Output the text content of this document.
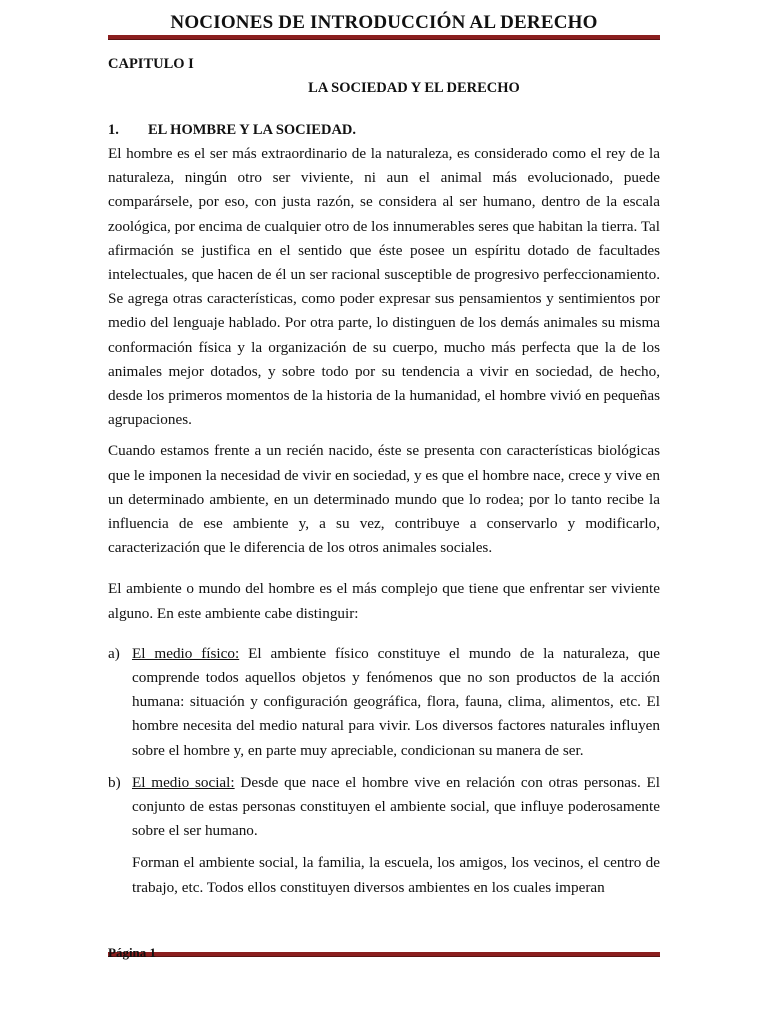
NOCIONES DE INTRODUCCIÓN AL DERECHO

CAPITULO I

LA SOCIEDAD Y EL DERECHO

1.	EL HOMBRE Y LA SOCIEDAD.

El hombre es el ser más extraordinario de la naturaleza, es considerado como el rey de la naturaleza, ningún otro ser viviente, ni aun el animal más evolucionado, puede comparársele, por eso, con justa razón, se considera al ser humano, dentro de la escala zoológica, por encima de cualquier otro de los innumerables seres que habitan la tierra. Tal afirmación se justifica en el sentido que éste posee un espíritu dotado de facultades intelectuales, que hacen de él un ser racional susceptible de progresivo perfeccionamiento. Se agrega otras características, como poder expresar sus pensamientos y sentimientos por medio del lenguaje hablado. Por otra parte, lo distinguen de los demás animales su misma conformación física y la organización de su cuerpo, mucho más perfecta que la de los animales mejor dotados, y sobre todo por su tendencia a vivir en sociedad, de hecho, desde los primeros momentos de la historia de la humanidad, el hombre vivió en pequeñas agrupaciones.

Cuando estamos frente a un recién nacido, éste se presenta con características biológicas que le imponen la necesidad de vivir en sociedad, y es que el hombre nace, crece y vive en un determinado ambiente, en un determinado mundo que lo rodea; por lo tanto recibe la influencia de ese ambiente y, a su vez, contribuye a conservarlo y modificarlo, caracterización que le diferencia de los otros animales sociales.

El ambiente o mundo del hombre es el más complejo que tiene que enfrentar ser viviente alguno. En este ambiente cabe distinguir:

a) El medio físico: El ambiente físico constituye el mundo de la naturaleza, que comprende todos aquellos objetos y fenómenos que no son productos de la acción humana: situación y configuración geográfica, flora, fauna, clima, alimentos, etc. El hombre necesita del medio natural para vivir. Los diversos factores naturales influyen sobre el hombre y, en parte muy apreciable, condicionan su manera de ser.
b) El medio social: Desde que nace el hombre vive en relación con otras personas. El conjunto de estas personas constituyen el ambiente social, que influye poderosamente sobre el ser humano.

Forman el ambiente social, la familia, la escuela, los amigos, los vecinos, el centro de trabajo, etc. Todos ellos constituyen diversos ambientes en los cuales imperan

Página 1
